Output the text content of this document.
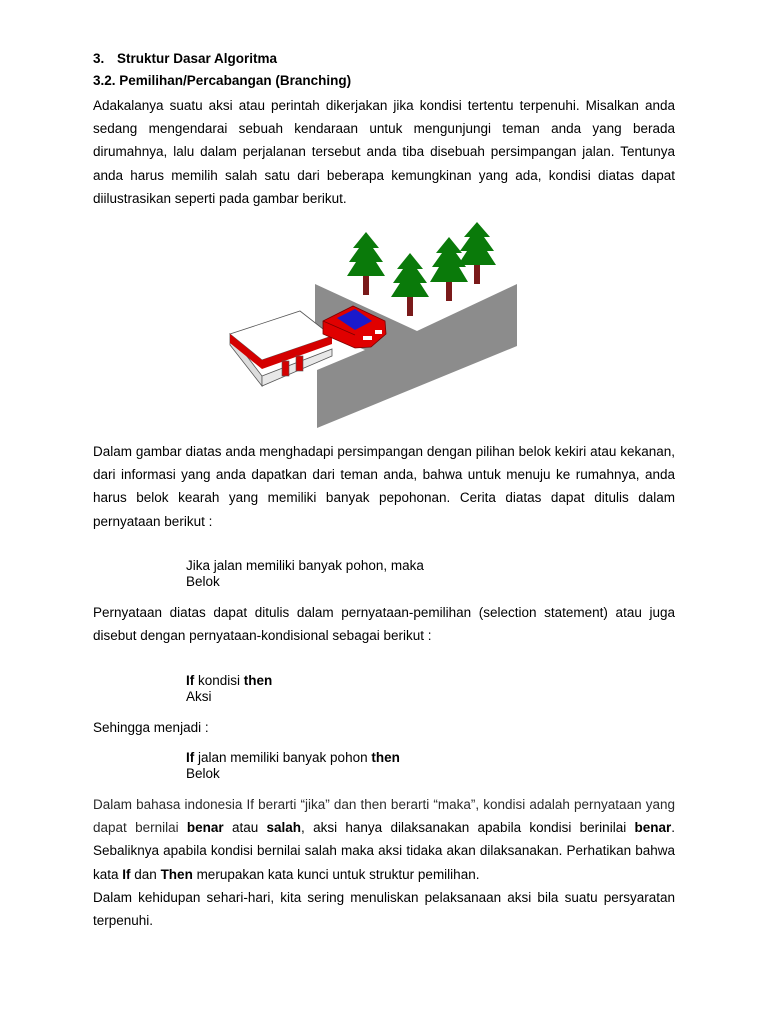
3. Struktur Dasar Algoritma
3.2. Pemilihan/Percabangan (Branching)
Adakalanya suatu aksi atau perintah dikerjakan jika kondisi tertentu terpenuhi. Misalkan anda sedang mengendarai sebuah kendaraan untuk mengunjungi teman anda yang berada dirumahnya, lalu dalam perjalanan tersebut anda tiba disebuah persimpangan jalan. Tentunya anda harus memilih salah satu dari beberapa kemungkinan yang ada, kondisi diatas dapat diilustrasikan seperti pada gambar berikut.
Dalam gambar diatas anda menghadapi persimpangan dengan pilihan belok kekiri atau kekanan, dari informasi yang anda dapatkan dari teman anda, bahwa untuk menuju ke rumahnya, anda harus belok kearah yang memiliki banyak pepohonan. Cerita diatas dapat ditulis dalam pernyataan berikut :
Jika jalan memiliki banyak pohon, maka
Belok
Pernyataan diatas dapat ditulis dalam pernyataan-pemilihan (selection statement) atau juga disebut dengan pernyataan-kondisional sebagai berikut :
If kondisi then
Aksi
Sehingga menjadi :
If jalan memiliki banyak pohon then
Belok
Dalam bahasa indonesia If berarti “jika” dan then berarti “maka”, kondisi adalah pernyataan yang dapat bernilai benar atau salah, aksi hanya dilaksanakan apabila kondisi berinilai benar. Sebaliknya apabila kondisi bernilai salah maka aksi tidaka akan dilaksanakan. Perhatikan bahwa kata If dan Then merupakan kata kunci untuk struktur pemilihan.
Dalam kehidupan sehari-hari, kita sering menuliskan pelaksanaan aksi bila suatu persyaratan terpenuhi.
